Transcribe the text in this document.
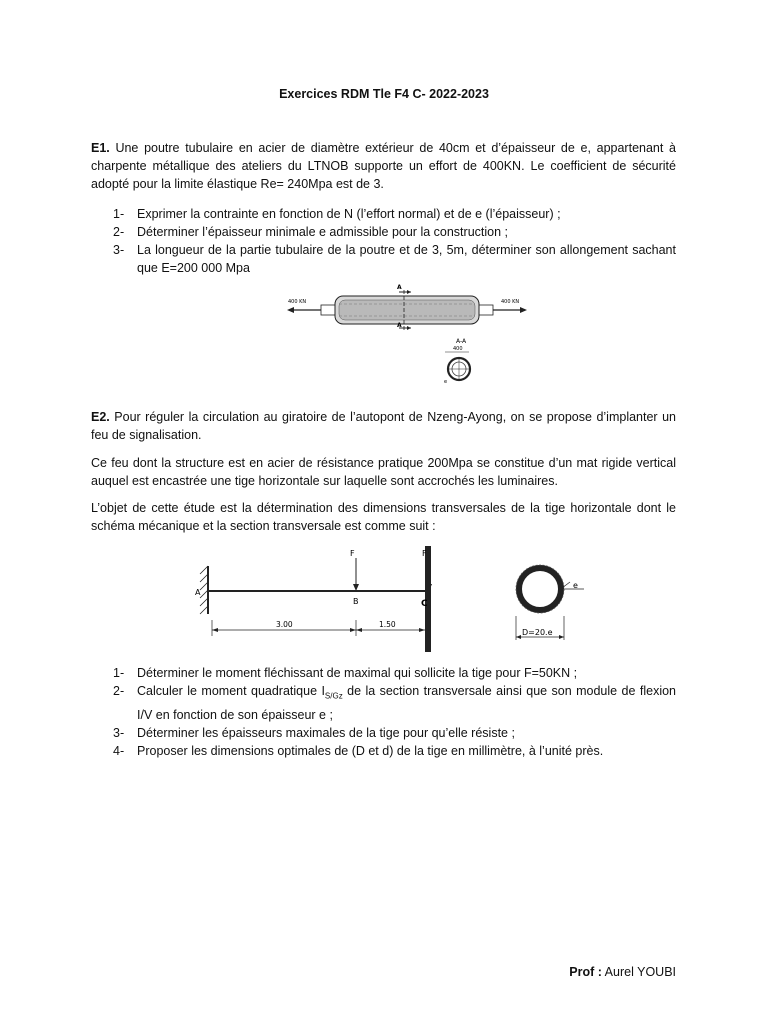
Exercices RDM Tle F4 C- 2022-2023
E1. Une poutre tubulaire en acier de diamètre extérieur de 40cm et d’épaisseur de e, appartenant à charpente métallique des ateliers du LTNOB supporte un effort de 400KN. Le coefficient de sécurité adopté pour la limite élastique Re= 240Mpa est de 3.
1-	Exprimer la contrainte en fonction de N (l’effort normal) et de e (l’épaisseur) ;
2-	Déterminer l’épaisseur minimale e admissible pour la construction ;
3-	La longueur de la partie tubulaire de la poutre et de 3, 5m, déterminer son allongement sachant que E=200 000 Mpa
400 KN	400 KN
A
A
A-A
400
e
E2. Pour réguler la circulation au giratoire de l’autopont de Nzeng-Ayong, on se propose d’implanter un feu de signalisation.
Ce feu dont la structure est en acier de résistance pratique 200Mpa se constitue d’un mat rigide vertical auquel est encastrée une tige horizontale sur laquelle sont accrochés les luminaires.
L’objet de cette étude est la détermination des dimensions transversales de la tige horizontale dont le schéma mécanique et la section transversale est comme suit :
A
F
B
F
C
3.00	1.50
e
D=20.e
1-	Déterminer le moment fléchissant de maximal qui sollicite la tige pour F=50KN ;
2-	Calculer le moment quadratique $I_{S/Gz}$ de la section transversale ainsi que son module de flexion I/V en fonction de son épaisseur e ;
3-	Déterminer les épaisseurs maximales de la tige pour qu’elle résiste ;
4-	Proposer les dimensions optimales de (D et d) de la tige en millimètre, à l’unité près.
Prof : Aurel YOUBI
